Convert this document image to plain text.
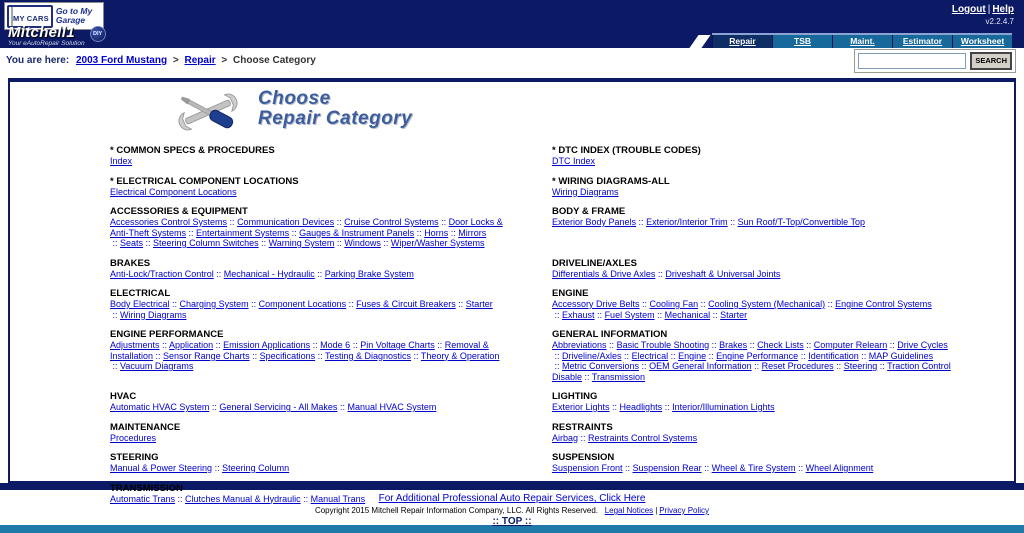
MY CARS
Go to My Garage
Mitchell1
Your eAutoRepair Solution
DIY
Logout | Help
v2.2.4.7
Repair	TSB	Maint.	Estimator	Worksheet
You are here: 2003 Ford Mustang > Repair > Choose Category	SEARCH
Choose
Repair Category
* COMMON SPECS & PROCEDURES
Index
* DTC INDEX (TROUBLE CODES)
DTC Index
* ELECTRICAL COMPONENT LOCATIONS
Electrical Component Locations
* WIRING DIAGRAMS-ALL
Wiring Diagrams
ACCESSORIES & EQUIPMENT
Accessories Control Systems :: Communication Devices :: Cruise Control Systems :: Door Locks & Anti-Theft Systems :: Entertainment Systems :: Gauges & Instrument Panels :: Horns :: Mirrors :: Seats :: Steering Column Switches :: Warning System :: Windows :: Wiper/Washer Systems
BODY & FRAME
Exterior Body Panels :: Exterior/Interior Trim :: Sun Roof/T-Top/Convertible Top
BRAKES
Anti-Lock/Traction Control :: Mechanical - Hydraulic :: Parking Brake System
DRIVELINE/AXLES
Differentials & Drive Axles :: Driveshaft & Universal Joints
ELECTRICAL
Body Electrical :: Charging System :: Component Locations :: Fuses & Circuit Breakers :: Starter :: Wiring Diagrams
ENGINE
Accessory Drive Belts :: Cooling Fan :: Cooling System (Mechanical) :: Engine Control Systems :: Exhaust :: Fuel System :: Mechanical :: Starter
ENGINE PERFORMANCE
Adjustments :: Application :: Emission Applications :: Mode 6 :: Pin Voltage Charts :: Removal & Installation :: Sensor Range Charts :: Specifications :: Testing & Diagnostics :: Theory & Operation :: Vacuum Diagrams
GENERAL INFORMATION
Abbreviations :: Basic Trouble Shooting :: Brakes :: Check Lists :: Computer Relearn :: Drive Cycles :: Driveline/Axles :: Electrical :: Engine :: Engine Performance :: Identification :: MAP Guidelines :: Metric Conversions :: OEM General Information :: Reset Procedures :: Steering :: Traction Control Disable :: Transmission
HVAC
Automatic HVAC System :: General Servicing - All Makes :: Manual HVAC System
LIGHTING
Exterior Lights :: Headlights :: Interior/Illumination Lights
MAINTENANCE
Procedures
RESTRAINTS
Airbag :: Restraints Control Systems
STEERING
Manual & Power Steering :: Steering Column
SUSPENSION
Suspension Front :: Suspension Rear :: Wheel & Tire System :: Wheel Alignment
TRANSMISSION
Automatic Trans :: Clutches Manual & Hydraulic :: Manual Trans	For Additional Professional Auto Repair Services, Click Here
Copyright 2015 Mitchell Repair Information Company, LLC. All Rights Reserved. Legal Notices | Privacy Policy
:: TOP ::
